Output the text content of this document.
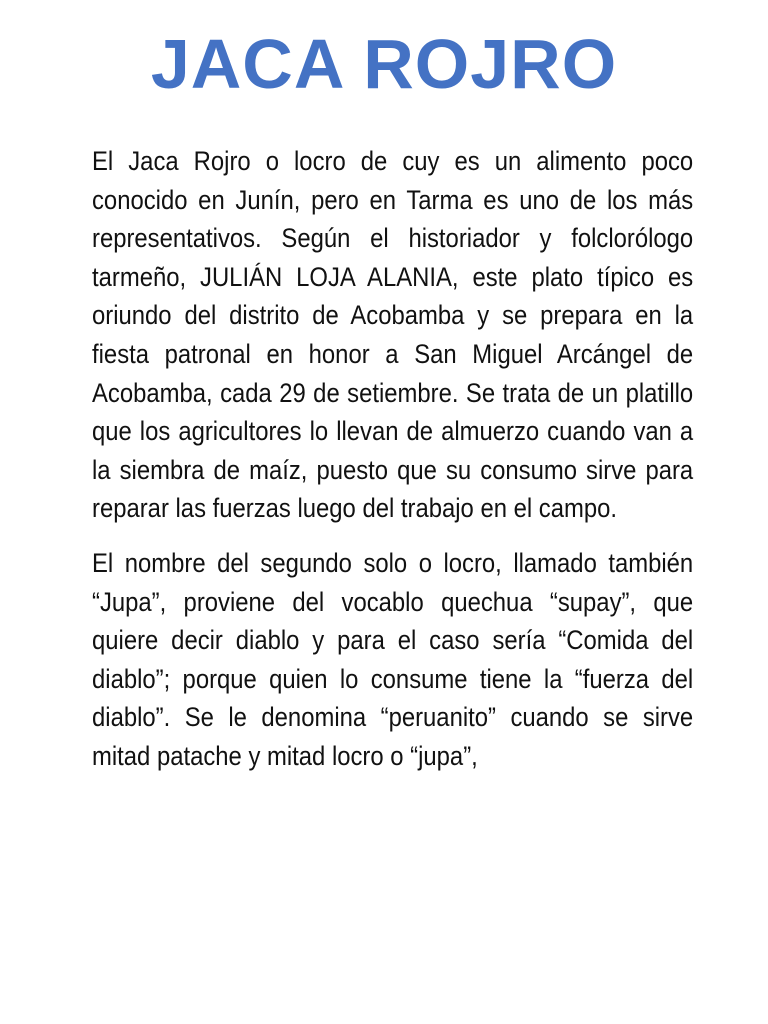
JACA ROJRO

El Jaca Rojro o locro de cuy es un alimento poco conocido en Junín, pero en Tarma es uno de los más representativos. Según el historiador y folclorólogo tarmeño, JULIÁN LOJA ALANIA, este plato típico es oriundo del distrito de Acobamba y se prepara en la fiesta patronal en honor a San Miguel Arcángel de Acobamba, cada 29 de setiembre. Se trata de un platillo que los agricultores lo llevan de almuerzo cuando van a la siembra de maíz, puesto que su consumo sirve para reparar las fuerzas luego del trabajo en el campo.

El nombre del segundo solo o locro, llamado también “Jupa”, proviene del vocablo quechua “supay”, que quiere decir diablo y para el caso sería “Comida del diablo”; porque quien lo consume tiene la “fuerza del diablo”. Se le denomina “peruanito” cuando se sirve mitad patache y mitad locro o “jupa”,
